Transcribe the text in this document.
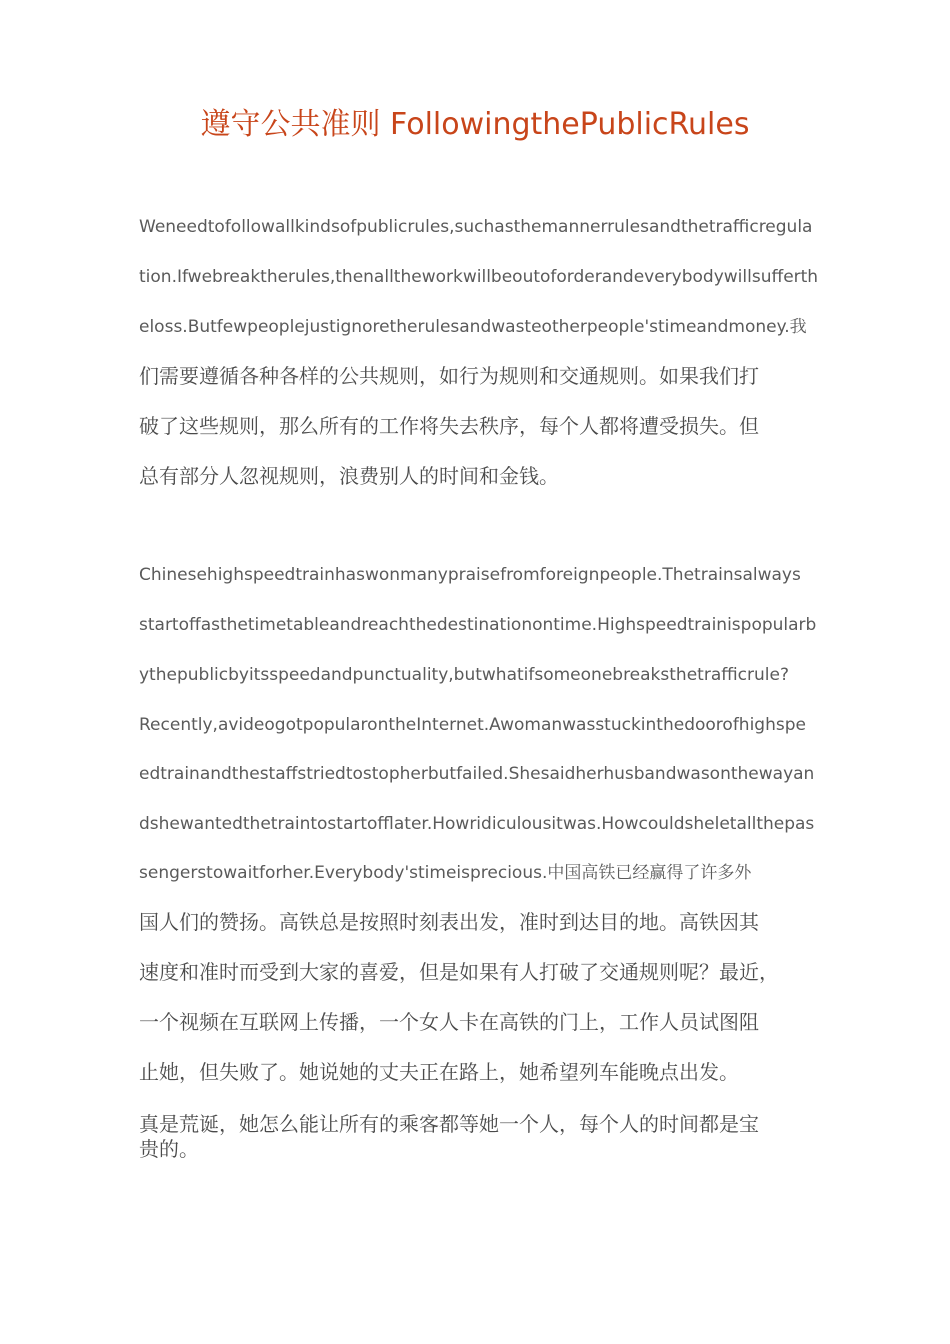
遵守公共准则 FollowingthePublicRules
Weneedtofollowallkindsofpublicrules,suchasthemannerrulesandthetrafficregula
tion.Ifwebreaktherules,thenalltheworkwillbeoutoforderandeverybodywillsufferth
eloss.Butfewpeoplejustignoretherulesandwasteotherpeople'stimeandmoney.我
们需要遵循各种各样的公共规则，如行为规则和交通规则。如果我们打
破了这些规则，那么所有的工作将失去秩序，每个人都将遭受损失。但
总有部分人忽视规则，浪费别人的时间和金钱。
Chinesehighspeedtrainhaswonmanypraisefromforeignpeople.Thetrainsalways
startoffasthetimetableandreachthedestinationontime.Highspeedtrainispopularb
ythepublicbyitsspeedandpunctuality,butwhatifsomeonebreaksthetrafficrule?
Recently,avideogotpopularontheInternet.Awomanwasstuckinthedoorofhighspe
edtrainandthestaffstriedtostopherbutfailed.Shesaidherhusbandwasonthewayan
dshewantedthetraintostartofflater.Howridiculousitwas.Howcouldsheletallthepas
sengerstowaitforher.Everybody'stimeisprecious.中国高铁已经赢得了许多外
国人们的赞扬。高铁总是按照时刻表出发，准时到达目的地。高铁因其
速度和准时而受到大家的喜爱，但是如果有人打破了交通规则呢？最近，
一个视频在互联网上传播，一个女人卡在高铁的门上，工作人员试图阻
止她，但失败了。她说她的丈夫正在路上，她希望列车能晚点出发。
真是荒诞，她怎么能让所有的乘客都等她一个人，每个人的时间都是宝
贵的。
